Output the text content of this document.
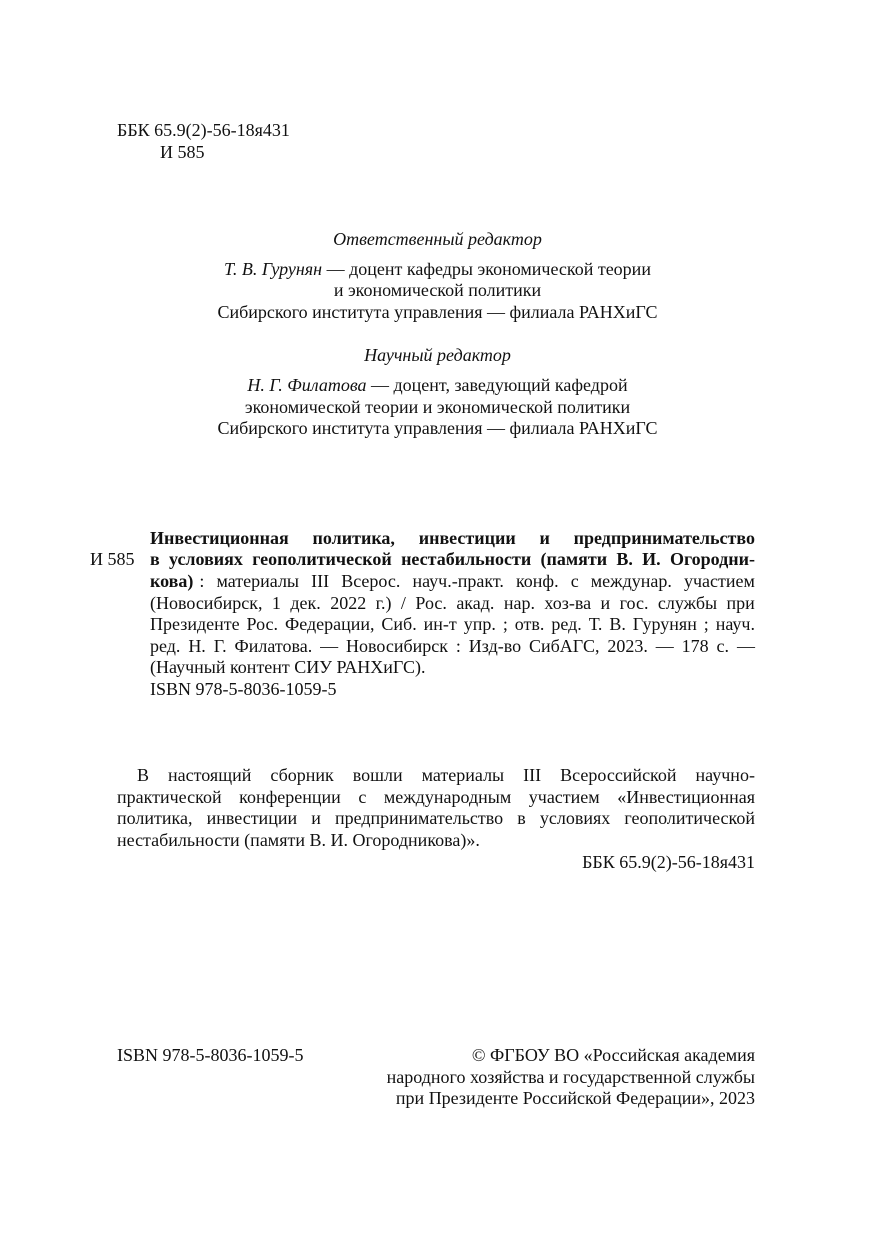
ББК 65.9(2)-56-18я431
И 585
Ответственный редактор
Т. В. Гурунян — доцент кафедры экономической теории
и экономической политики
Сибирского института управления — филиала РАНХиГС
Научный редактор
Н. Г. Филатова — доцент, заведующий кафедрой
экономической теории и экономической политики
Сибирского института управления — филиала РАНХиГС
И 585
Инвестиционная политика, инвестиции и предпринимательство
в условиях геополитической нестабильности (памяти В. И. Огородни-
кова) : материалы III Всерос. науч.-практ. конф. с междунар. участием
(Новосибирск, 1 дек. 2022 г.) / Рос. акад. нар. хоз-ва и гос. службы при
Президенте Рос. Федерации, Сиб. ин-т упр. ; отв. ред. Т. В. Гурунян ; науч.
ред. Н. Г. Филатова. — Новосибирск : Изд-во СибАГС, 2023. — 178 с. —
(Научный контент СИУ РАНХиГС).
ISBN 978-5-8036-1059-5
В настоящий сборник вошли материалы III Всероссийской научно-
практической конференции с международным участием «Инвестиционная
политика, инвестиции и предпринимательство в условиях геополитической
нестабильности (памяти В. И. Огородникова)».
ББК 65.9(2)-56-18я431
ISBN 978-5-8036-1059-5	© ФГБОУ ВО «Российская академия
народного хозяйства и государственной службы
при Президенте Российской Федерации», 2023
